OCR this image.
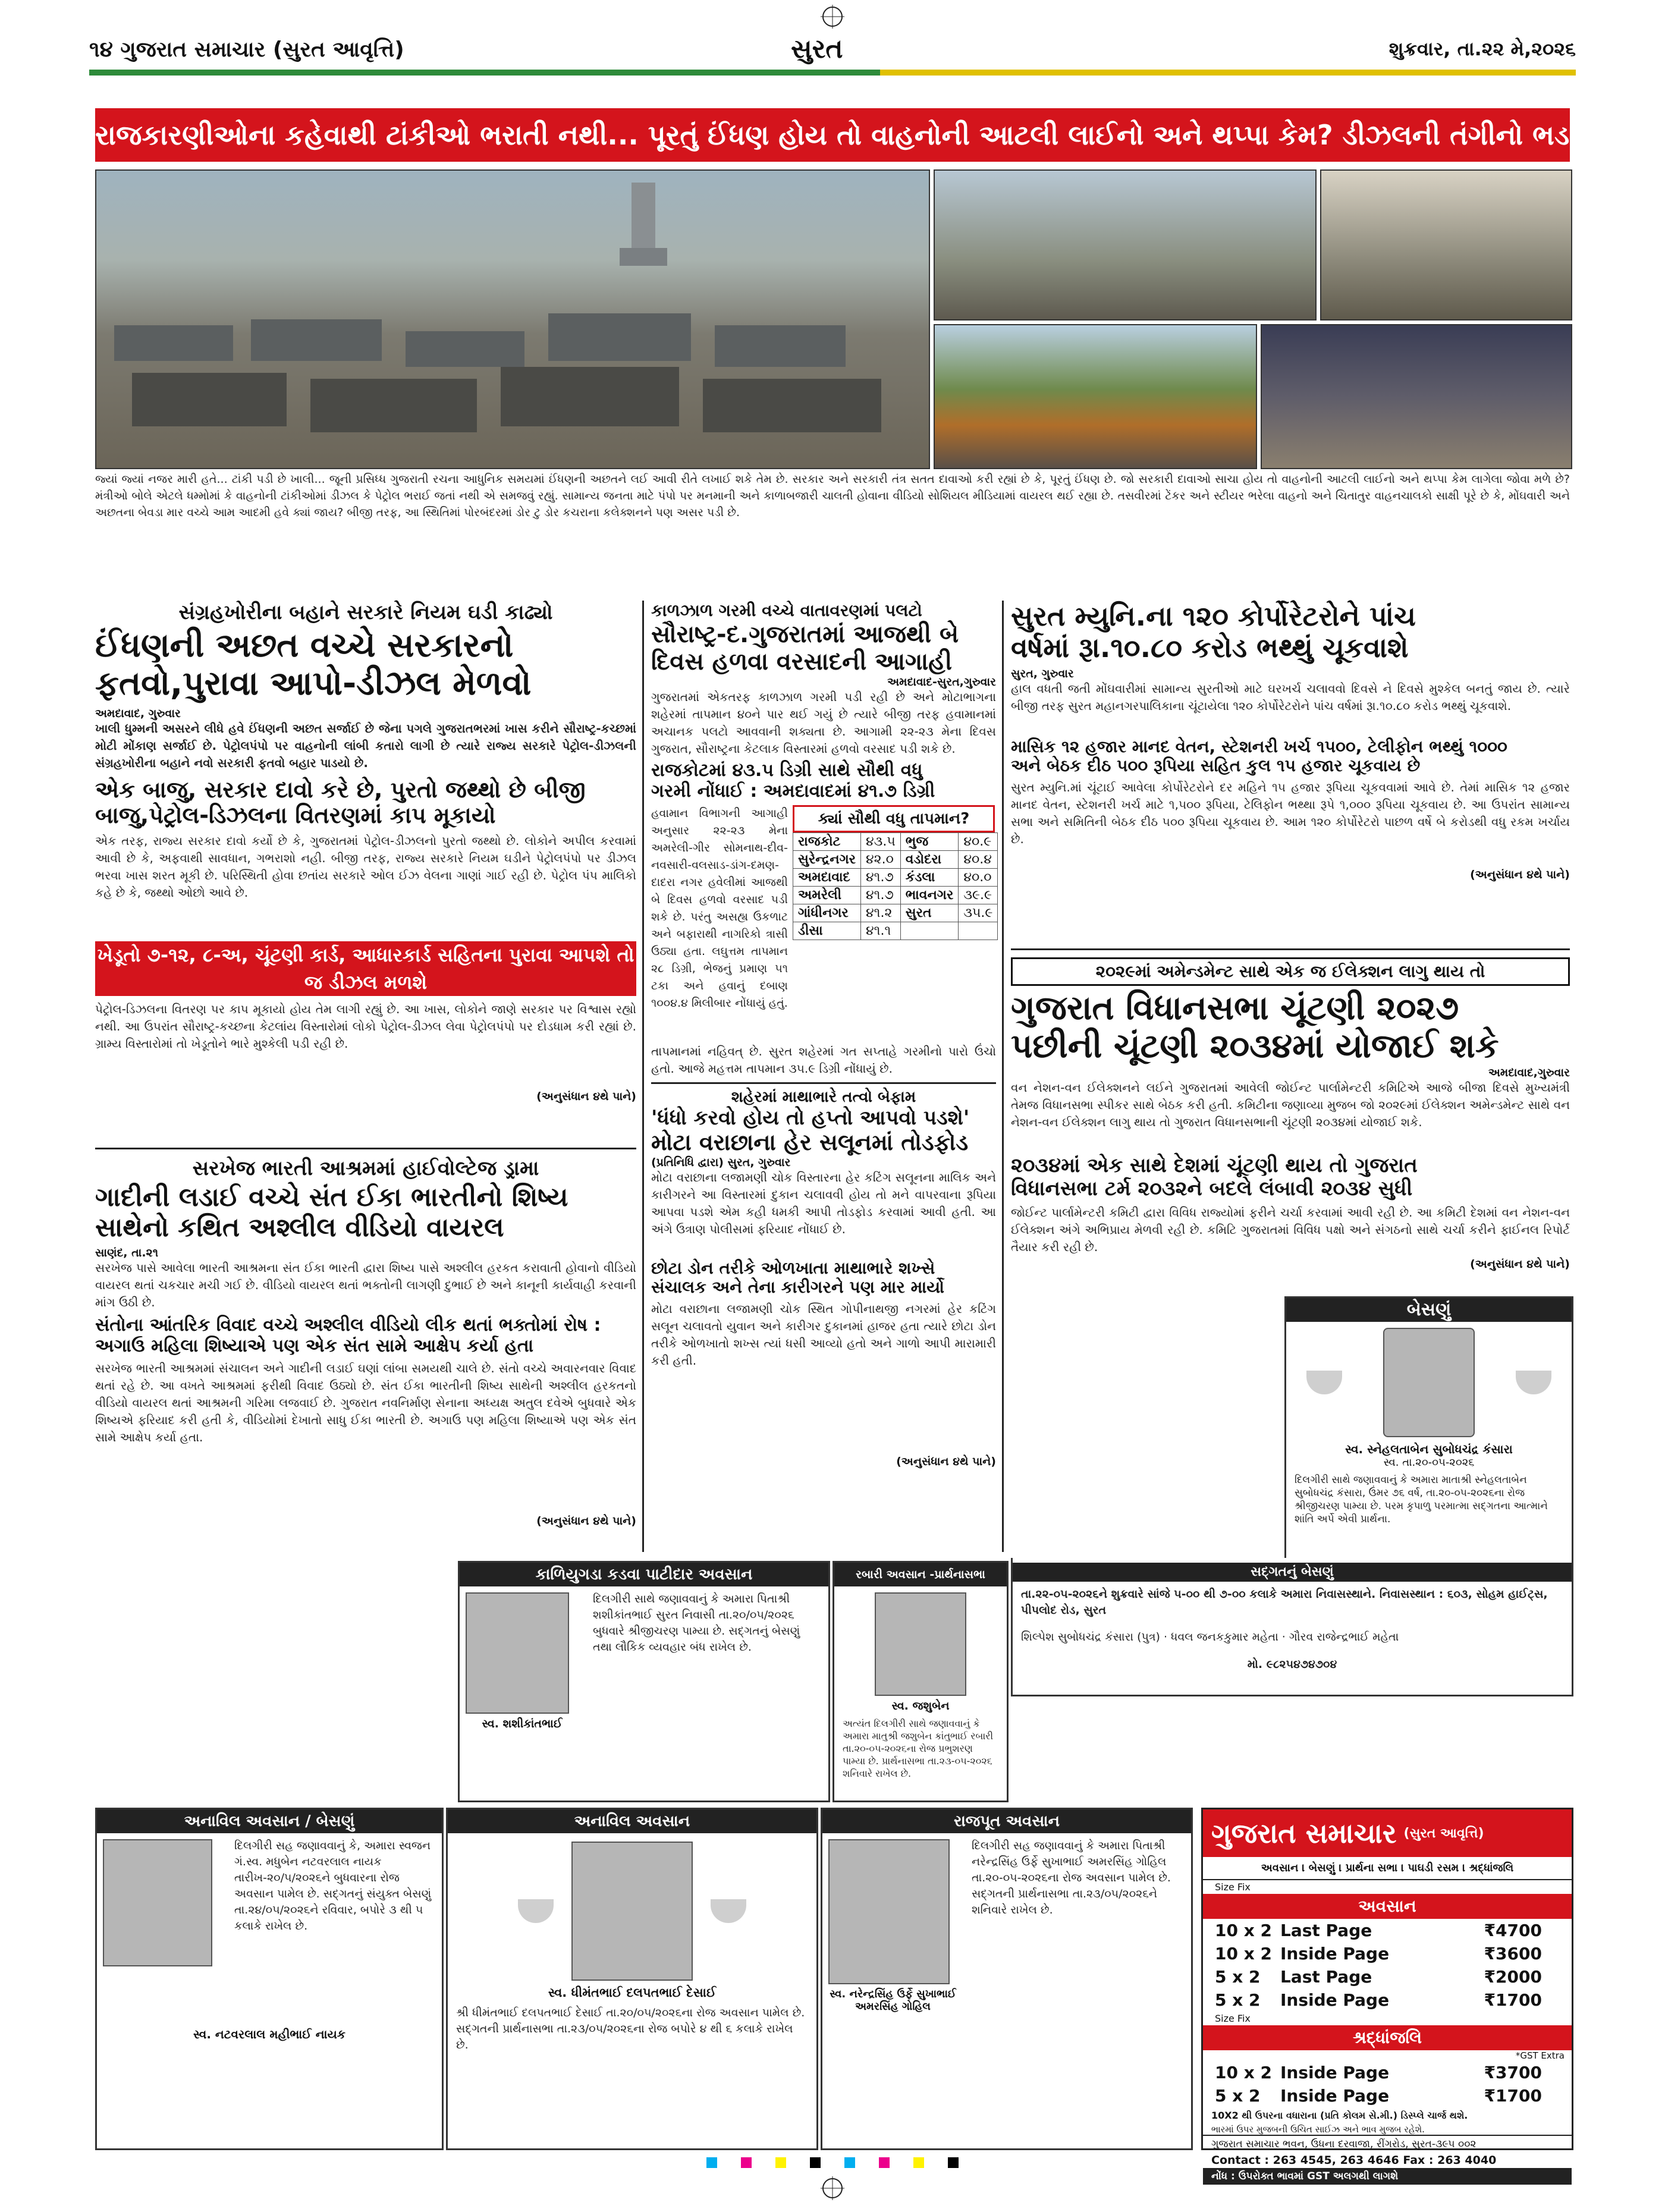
૧૪ ગુજરાત સમાચાર (સુરત આવૃત્તિ)	સુરત	શુક્રવાર, તા.૨૨ મે,૨૦૨૬
રાજકારણીઓના કહેવાથી ટાંકીઓ ભરાતી નથી... પૂરતું ઈંધણ હોય તો વાહનોની આટલી લાઈનો અને થપ્પા કેમ? ડીઝલની તંગીનો ભડકો
જ્યાં જ્યાં નજર મારી હતે... ટાંકી પડી છે ખાલી... જૂની પ્રસિધ્ધ ગુજરાતી રચના આધુનિક સમયમાં ઈંધણની અછતને લઈ આવી રીતે લખાઈ શકે તેમ છે. સરકાર અને સરકારી તંત્ર સતત દાવાઓ કરી રહ્યાં છે કે, પૂરતું ઈંધણ છે. જો સરકારી દાવાઓ સાચા હોય તો વાહનોની આટલી લાઈનો અને થપ્પા કેમ લાગેલા જોવા મળે છે? મંત્રીઓ બોલે એટલે ધમ્મોમાં કે વાહનોની ટાંકીઓમાં ડીઝલ કે પેટ્રોલ ભરાઈ જતાં નથી એ સમજવું રહ્યું. સામાન્ય જનતા માટે પંપો પર મનમાની અને કાળાબજારી ચાલતી હોવાના વીડિયો સોશિયલ મીડિયામાં વાયરલ થઈ રહ્યા છે. તસવીરમાં ટેંકર અને સ્ટીયર ભરેલા વાહનો અને ચિતાતુર વાહનચાલકો સાક્ષી પૂરે છે કે, મોંઘવારી અને અછતના બેવડા માર વચ્ચે આમ આદમી હવે ક્યાં જાય? બીજી તરફ, આ સ્થિતિમાં પોરબંદરમાં ડોર ટુ ડોર કચરાના કલેક્શનને પણ અસર પડી છે.
સંગ્રહખોરીના બહાને સરકારે નિયમ ઘડી કાઢ્યો
ઈંધણની અછત વચ્ચે સરકારનો
ફતવો,પુરાવા આપો-ડીઝલ મેળવો
અમદાવાદ, ગુરુવાર
ખાલી ધુમ્મની અસરને લીધે હવે ઈંધણની અછત સર્જાઈ છે જેના પગલે ગુજરાતભરમાં ખાસ કરીને સૌરાષ્ટ્ર-કચ્છમાં મોટી મોંકાણ સર્જાઈ છે. પેટ્રોલપંપો પર વાહનોની લાંબી કતારો લાગી છે ત્યારે રાજ્ય સરકારે પેટ્રોલ-ડીઝલની સંગ્રહખોરીના બહાને નવો સરકારી ફતવો બહાર પાડયો છે.
એક બાજુ, સરકાર દાવો કરે છે, પુરતો જથ્થો છે બીજી
બાજુ,પેટ્રોલ-ડિઝલના વિતરણમાં કાપ મૂકાયો
એક તરફ, રાજ્ય સરકાર દાવો કર્યો છે કે, ગુજરાતમાં પેટ્રોલ-ડીઝલનો પુરતો જથ્થો છે. લોકોને અપીલ કરવામાં આવી છે કે, અફવાથી સાવધાન, ગભરાશો નહી. બીજી તરફ, રાજ્ય સરકારે નિયમ ઘડીને પેટ્રોલપંપો પર ડીઝલ ભરવા ખાસ શરત મૂકી છે. પરિસ્થિતી હોવા છતાંય સરકારે ઓલ ઈઝ વેલના ગાણાં ગાઈ રહી છે. પેટ્રોલ પંપ માલિકો કહે છે કે, જથ્થો ઓછો આવે છે.
ખેડૂતો ૭-૧૨, ૮-અ, ચૂંટણી કાર્ડ, આધારકાર્ડ સહિતના પુરાવા આપશે તો જ ડીઝલ મળશે
પેટ્રોલ-ડિઝલના વિતરણ પર કાપ મૂકાયો હોય તેમ લાગી રહ્યું છે. આ ખાસ, લોકોને જાણે સરકાર પર વિશ્વાસ રહ્યો નથી. આ ઉપરાંત સૌરાષ્ટ્ર-કચ્છના કેટલાંય વિસ્તારોમાં લોકો પેટ્રોલ-ડીઝલ લેવા પેટ્રોલપંપો પર દોડધામ કરી રહ્યાં છે. ગ્રામ્ય વિસ્તારોમાં તો ખેડૂતોને ભારે મુશ્કેલી પડી રહી છે.
(અનુસંધાન ૪થે પાને)
સરખેજ ભારતી આશ્રમમાં હાઈવોલ્ટેજ ડ્રામા
ગાદીની લડાઈ વચ્ચે સંત ઈકા ભારતીનો શિષ્ય
સાથેનો કથિત અશ્લીલ વીડિયો વાયરલ
સાણંદ, તા.૨૧
સરખેજ પાસે આવેલા ભારતી આશ્રમના સંત ઈકા ભારતી દ્વારા શિષ્ય પાસે અશ્લીલ હરકત કરાવાતી હોવાનો વીડિયો વાયરલ થતાં ચકચાર મચી ગઈ છે. વીડિયો વાયરલ થતાં ભક્તોની લાગણી દુભાઈ છે અને કાનૂની કાર્યવાહી કરવાની માંગ ઉઠી છે.
સંતોના આંતરિક વિવાદ વચ્ચે અશ્લીલ વીડિયો લીક થતાં ભક્તોમાં રોષ :
અગાઉ મહિલા શિષ્યાએ પણ એક સંત સામે આક્ષેપ કર્યા હતા
સરખેજ ભારતી આશ્રમમાં સંચાલન અને ગાદીની લડાઈ ઘણાં લાંબા સમયથી ચાલે છે. સંતો વચ્ચે અવારનવાર વિવાદ થતાં રહે છે. આ વખતે આશ્રમમાં ફરીથી વિવાદ ઉઠ્યો છે. સંત ઈકા ભારતીની શિષ્ય સાથેની અશ્લીલ હરકતનો વીડિયો વાયરલ થતાં આશ્રમની ગરિમા લજવાઈ છે. ગુજરાત નવનિર્માણ સેનાના અધ્યક્ષ અતુલ દવેએ બુધવારે એક શિષ્યએ ફરિયાદ કરી હતી કે, વીડિયોમાં દેખાતો સાધુ ઈકા ભારતી છે. અગાઉ પણ મહિલા શિષ્યાએ પણ એક સંત સામે આક્ષેપ કર્યા હતા.
(અનુસંધાન ૪થે પાને)
કાળઝાળ ગરમી વચ્ચે વાતાવરણમાં પલટો
સૌરાષ્ટ્ર-દ.ગુજરાતમાં આજથી બે
દિવસ હળવા વરસાદની આગાહી
અમદાવાદ-સુરત,ગુરુવાર
ગુજરાતમાં એકતરફ કાળઝાળ ગરમી પડી રહી છે અને મોટાભાગના શહેરમાં તાપમાન ૪૦ને પાર થઈ ગયું છે ત્યારે બીજી તરફ હવામાનમાં અચાનક પલટો આવવાની શક્યતા છે. આગામી ૨૨-૨૩ મેના દિવસ ગુજરાત, સૌરાષ્ટ્રના કેટલાક વિસ્તારમાં હળવો વરસાદ પડી શકે છે.
રાજકોટમાં ૪૩.૫ ડિગ્રી સાથે સૌથી વધુ
ગરમી નોંધાઈ : અમદાવાદમાં ૪૧.૭ ડિગ્રી
હવામાન વિભાગની આગાહી અનુસાર ૨૨-૨૩ મેના અમરેલી-ગીર સોમનાથ-દીવ-નવસારી-વલસાડ-ડાંગ-દમણ-દાદરા નગર હવેલીમાં આજથી બે દિવસ હળવો વરસાદ પડી શકે છે. પરંતુ અસહ્ય ઉકળાટ અને બફારાથી નાગરિકો ત્રાસી ઉઠ્યા હતા. લઘુત્તમ તાપમાન ૨૮ ડિગ્રી, ભેજનું પ્રમાણ ૫૧ ટકા અને હવાનું દબાણ ૧૦૦૪.૪ મિલીબાર નોંધાયું હતું.
ક્યાં સૌથી વધુ તાપમાન?
રાજકોટ	૪૩.૫	ભુજ	૪૦.૯
સુરેન્દ્રનગર	૪૨.૦	વડોદરા	૪૦.૪
અમદાવાદ	૪૧.૭	કંડલા	૪૦.૦
અમરેલી	૪૧.૭	ભાવનગર	૩૯.૯
ગાંધીનગર	૪૧.૨	સુરત	૩૫.૯
ડીસા	૪૧.૧		
તાપમાનમાં નહિવત્ છે. સુરત શહેરમાં ગત સપ્તાહે ગરમીનો પારો ઉંચો હતો. આજે મહત્તમ તાપમાન ૩૫.૯ ડિગ્રી નોંધાયું છે.
શહેરમાં માથાભારે તત્વો બેફામ
'ધંધો કરવો હોય તો હપ્તો આપવો પડશે'
મોટા વરાછાના હેર સલૂનમાં તોડફોડ
(પ્રતિનિધિ દ્વારા) સુરત, ગુરુવાર
મોટા વરાછાના લજામણી ચોક વિસ્તારના હેર કટિંગ સલૂનના માલિક અને કારીગરને આ વિસ્તારમાં દુકાન ચલાવવી હોય તો મને વાપરવાના રૂપિયા આપવા પડશે એમ કહી ધમકી આપી તોડફોડ કરવામાં આવી હતી. આ અંગે ઉત્રાણ પોલીસમાં ફરિયાદ નોંધાઈ છે.
છોટા ડોન તરીકે ઓળખાતા માથાભારે શખ્સે
સંચાલક અને તેના કારીગરને પણ માર માર્યો
મોટા વરાછાના લજામણી ચોક સ્થિત ગોપીનાથજી નગરમાં હેર કટિંગ સલૂન ચલાવતો યુવાન અને કારીગર દુકાનમાં હાજર હતા ત્યારે છોટા ડોન તરીકે ઓળખાતો શખ્સ ત્યાં ધસી આવ્યો હતો અને ગાળો આપી મારામારી કરી હતી.
(અનુસંધાન ૪થે પાને)
સુરત મ્યુનિ.ના ૧૨૦ કોર્પોરેટરોને પાંચ
વર્ષમાં રૂા.૧૦.૮૦ કરોડ ભથ્થું ચૂકવાશે
સુરત, ગુરુવાર
હાલ વધતી જતી મોંઘવારીમાં સામાન્ય સુરતીઓ માટે ઘરખર્ચ ચલાવવો દિવસે ને દિવસે મુશ્કેલ બનતું જાય છે. ત્યારે બીજી તરફ સુરત મહાનગરપાલિકાના ચૂંટાયેલા ૧૨૦ કોર્પોરેટરોને પાંચ વર્ષમાં રૂા.૧૦.૮૦ કરોડ ભથ્થું ચૂકવાશે.
માસિક ૧૨ હજાર માનદ વેતન, સ્ટેશનરી ખર્ચ ૧૫૦૦, ટેલીફોન ભથ્થું ૧૦૦૦
અને બેઠક દીઠ ૫૦૦ રૂપિયા સહિત કુલ ૧૫ હજાર ચૂકવાય છે
સુરત મ્યુનિ.માં ચૂંટાઈ આવેલા કોર્પોરેટરોને દર મહિને ૧૫ હજાર રૂપિયા ચૂકવવામાં આવે છે. તેમાં માસિક ૧૨ હજાર માનદ વેતન, સ્ટેશનરી ખર્ચ માટે ૧,૫૦૦ રૂપિયા, ટેલિફોન ભથ્થા રૂપે ૧,૦૦૦ રૂપિયા ચૂકવાય છે. આ ઉપરાંત સામાન્ય સભા અને સમિતિની બેઠક દીઠ ૫૦૦ રૂપિયા ચૂકવાય છે. આમ ૧૨૦ કોર્પોરેટરો પાછળ વર્ષે બે કરોડથી વધુ રકમ ખર્ચાય છે.
(અનુસંધાન ૪થે પાને)
૨૦૨૯માં અમેન્ડમેન્ટ સાથે એક જ ઈલેક્શન લાગુ થાય તો
ગુજરાત વિધાનસભા ચૂંટણી ૨૦૨૭
પછીની ચૂંટણી ૨૦૩૪માં યોજાઈ શકે
અમદાવાદ,ગુરુવાર
વન નેશન-વન ઈલેક્શનને લઈને ગુજરાતમાં આવેલી જોઈન્ટ પાર્લામેન્ટરી કમિટિએ આજે બીજા દિવસે મુખ્યમંત્રી તેમજ વિધાનસભા સ્પીકર સાથે બેઠક કરી હતી. કમિટીના જણાવ્યા મુજબ જો ૨૦૨૯માં ઈલેક્શન અમેન્ડમેન્ટ સાથે વન નેશન-વન ઈલેક્શન લાગુ થાય તો ગુજરાત વિધાનસભાની ચૂંટણી ૨૦૩૪માં યોજાઈ શકે.
૨૦૩૪માં એક સાથે દેશમાં ચૂંટણી થાય તો ગુજરાત
વિધાનસભા ટર્મ ૨૦૩૨ને બદલે લંબાવી ૨૦૩૪ સુધી
જોઈન્ટ પાર્લામેન્ટરી કમિટી દ્વારા વિવિધ રાજ્યોમાં ફરીને ચર્ચા કરવામાં આવી રહી છે. આ કમિટી દેશમાં વન નેશન-વન ઈલેક્શન અંગે અભિપ્રાય મેળવી રહી છે. કમિટિ ગુજરાતમાં વિવિધ પક્ષો અને સંગઠનો સાથે ચર્ચા કરીને ફાઈનલ રિપોર્ટ તૈયાર કરી રહી છે.
(અનુસંધાન ૪થે પાને)
બેસણું
સ્વ. સ્નેહલતાબેન સુબોધચંદ્ર કંસારા
સ્વ. તા.૨૦-૦૫-૨૦૨૬
દિલગીરી સાથે જણાવવાનું કે અમારા માતાશ્રી સ્નેહલતાબેન સુબોધચંદ્ર કંસારા, ઉંમર ૭૬ વર્ષ, તા.૨૦-૦૫-૨૦૨૬ના રોજ શ્રીજીચરણ પામ્યા છે. પરમ કૃપાળુ પરમાત્મા સદ્‌ગતના આત્માને શાંતિ અર્પે એવી પ્રાર્થના.
સદ્‌ગતનું બેસણું
તા.૨૨-૦૫-૨૦૨૬ને શુક્રવારે સાંજે ૫-૦૦ થી ૭-૦૦ કલાકે અમારા નિવાસસ્થાને. નિવાસસ્થાન : ૬૦૩, સોહમ હાઈટ્સ, પીપલોદ રોડ, સુરત
શિલ્પેશ સુબોધચંદ્ર કંસારા (પુત્ર) · ધવલ જનકકુમાર મહેતા · ગૌરવ રાજેન્દ્રભાઈ મહેતા
મો. ૯૮૨૫૪૭૪૭૦૪
કાળિયુગડા કડવા પાટીદાર અવસાન
સ્વ. શશીકાંતભાઈ
દિલગીરી સાથે જણાવવાનું કે અમારા પિતાશ્રી શશીકાંતભાઈ સુરત નિવાસી તા.૨૦/૦૫/૨૦૨૬ બુધવારે શ્રીજીચરણ પામ્યા છે. સદ્‌ગતનું બેસણું તથા લૌકિક વ્યવહાર બંધ રાખેલ છે.
રબારી અવસાન -પ્રાર્થનાસભા
સ્વ. જશુબેન
અત્યંત દિલગીરી સાથે જણાવવાનું કે અમારા માતુશ્રી જશુબેન કાંતુભાઈ રબારી તા.૨૦-૦૫-૨૦૨૬ના રોજ પ્રભુશરણ પામ્યા છે. પ્રાર્થનાસભા તા.૨૩-૦૫-૨૦૨૬ શનિવારે રાખેલ છે.
અનાવિલ અવસાન / બેસણું
દિલગીરી સહ જણાવવાનું કે, અમારા સ્વજન ગં.સ્વ. મધુબેન નટવરલાલ નાયક તારીખ-૨૦/૫/૨૦૨૬ને બુધવારના રોજ અવસાન પામેલ છે. સદ્‌ગતનું સંયુક્ત બેસણું તા.૨૪/૦૫/૨૦૨૬ને રવિવાર, બપોરે ૩ થી ૫ કલાકે રાખેલ છે.
સ્વ. નટવરલાલ મહીભાઈ નાયક
અનાવિલ અવસાન
સ્વ. ધીમંતભાઈ દલપતભાઈ દેસાઈ
શ્રી ધીમંતભાઈ દલપતભાઈ દેસાઈ તા.૨૦/૦૫/૨૦૨૬ના રોજ અવસાન પામેલ છે. સદ્‌ગતની પ્રાર્થનાસભા તા.૨૩/૦૫/૨૦૨૬ના રોજ બપોરે ૪ થી ૬ કલાકે રાખેલ છે.
રાજપૂત અવસાન
સ્વ. નરેન્દ્રસિંહ ઉર્ફે સુખાભાઈ અમરસિંહ ગોહિલ
દિલગીરી સહ જણાવવાનું કે અમારા પિતાશ્રી નરેન્દ્રસિંહ ઉર્ફે સુખાભાઈ અમરસિંહ ગોહિલ તા.૨૦-૦૫-૨૦૨૬ના રોજ અવસાન પામેલ છે. સદ્‌ગતની પ્રાર્થનાસભા તા.૨૩/૦૫/૨૦૨૬ને શનિવારે રાખેલ છે.
ગુજરાત સમાચાર (સુરત આવૃત્તિ)
અવસાન । બેસણું । પ્રાર્થના સભા । પાઘડી રસમ । શ્રદ્ધાંજલિ
Size Fix
અવસાન
10 x 2 Last Page	₹4700
10 x 2 Inside Page	₹3600
5 x 2	Last Page	₹2000
5 x 2	Inside Page	₹1700
Size Fix
શ્રદ્ધાંજલિ
*GST Extra
10 x 2 Inside Page	₹3700
5 x 2	Inside Page	₹1700
10X2 થી ઉપરના વધારાના (પ્રતિ કોલમ સે.મી.) ડિસ્પ્લે ચાર્જ થશે.
ભારમાં ઉપર મુજબની ઉચિત સાઈઝ અને ભાવ મુજબ રહેશે.
ગુજરાત સમાચાર ભવન, ઉધના દરવાજા, રીંગરોડ, સુરત-૩૯૫ ૦૦૨
Contact : 263 4545, 263 4646 Fax : 263 4040
નોંધ : ઉપરોક્ત ભાવમાં GST અલગથી લાગશે
